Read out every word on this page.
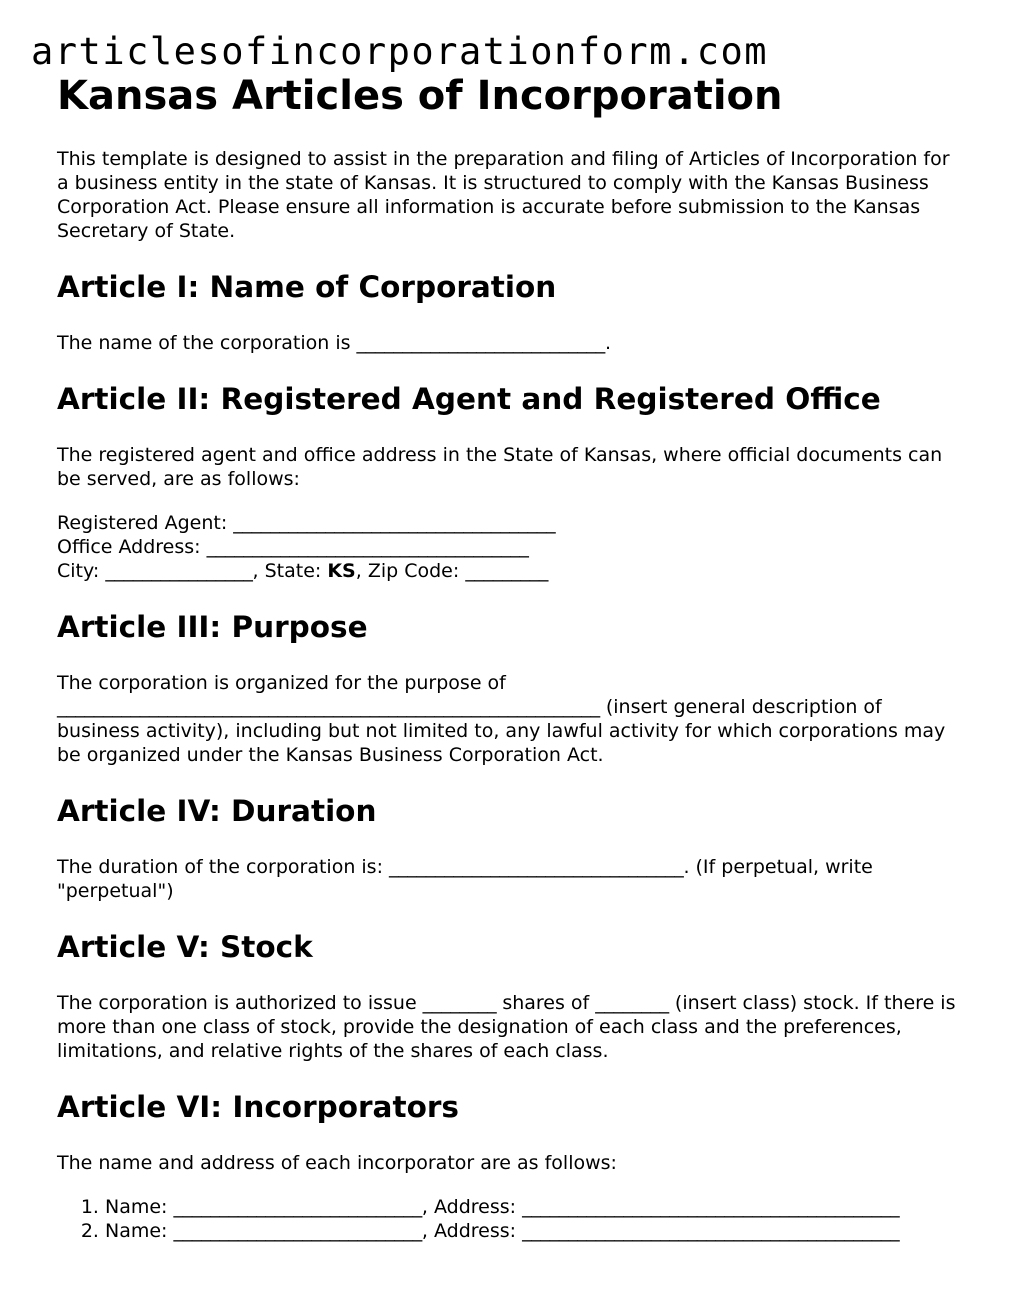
articlesofincorporationform.com
Kansas Articles of Incorporation
This template is designed to assist in the preparation and filing of Articles of Incorporation for a business entity in the state of Kansas. It is structured to comply with the Kansas Business Corporation Act. Please ensure all information is accurate before submission to the Kansas Secretary of State.
Article I: Name of Corporation

The name of the corporation is ___________________________.

Article II: Registered Agent and Registered Office

The registered agent and office address in the State of Kansas, where official documents can be served, are as follows:

Registered Agent: ___________________________________
Office Address: ___________________________________
City: ________________, State: KS, Zip Code: _________
Article III: Purpose

The corporation is organized for the purpose of
___________________________________________________________ (insert general description of business activity), including but not limited to, any lawful activity for which corporations may be organized under the Kansas Business Corporation Act.

Article IV: Duration

The duration of the corporation is: ________________________________. (If perpetual, write "perpetual")

Article V: Stock

The corporation is authorized to issue ________ shares of ________ (insert class) stock. If there is more than one class of stock, provide the designation of each class and the preferences, limitations, and relative rights of the shares of each class.

Article VI: Incorporators

The name and address of each incorporator are as follows:

1. Name: ___________________________, Address: _________________________________________
2. Name: ___________________________, Address: _________________________________________
